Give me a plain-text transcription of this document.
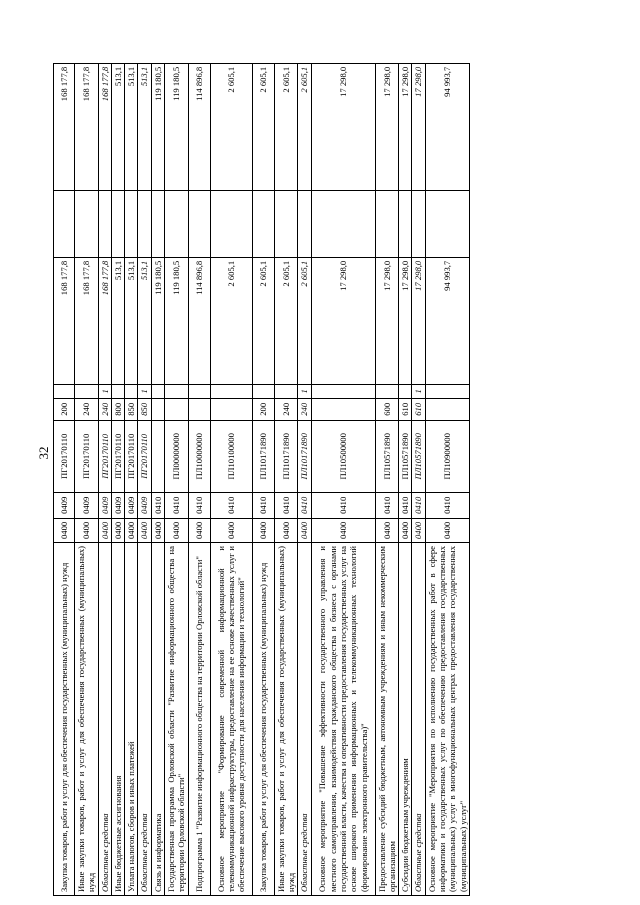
32
Закупка товаров, работ и услуг для обеспечения государственных (муниципальных) нужд	0400	0409	ПГ20170110	200		168 177,8		168 177,8
Иные закупки товаров, работ и услуг для обеспечения государственных (муниципальных) нужд	0400	0409	ПГ20170110	240		168 177,8		168 177,8
Областные средства	0400	0409	ПГ20170110	240	1	168 177,8		168 177,8
Иные бюджетные ассигнования	0400	0409	ПГ20170110	800		513,1		513,1
Уплата налогов, сборов и иных платежей	0400	0409	ПГ20170110	850		513,1		513,1
Областные средства	0400	0409	ПГ20170110	850	1	513,1		513,1
Связь и информатика	0400	0410				119 180,5		119 180,5
Государственная программа Орловской области "Развитие информационного общества на территории Орловской области"	0400	0410	ПЛ00000000			119 180,5		119 180,5
Подпрограмма 1 "Развитие информационного общества на территории Орловской области"	0400	0410	ПЛ10000000			114 896,8		114 896,8
Основное мероприятие "Формирование современной информационной и телекоммуникационной инфраструктуры, предоставление на ее основе качественных услуг и обеспечение высокого уровня доступности для населения информации и технологий"	0400	0410	ПЛ10100000			2 605,1		2 605,1
Закупка товаров, работ и услуг для обеспечения государственных (муниципальных) нужд	0400	0410	ПЛ10171890	200		2 605,1		2 605,1
Иные закупки товаров, работ и услуг для обеспечения государственных (муниципальных) нужд	0400	0410	ПЛ10171890	240		2 605,1		2 605,1
Областные средства	0400	0410	ПЛ10171890	240	1	2 605,1		2 605,1
Основное мероприятие "Повышение эффективности государственного управления и местного самоуправления, взаимодействия гражданского общества и бизнеса с органами государственной власти, качества и оперативности предоставления государственных услуг на основе широкого применения информационных и телекоммуникационных технологий (формирование электронного правительства)"	0400	0410	ПЛ10500000			17 298,0		17 298,0
Предоставление субсидий бюджетным, автономным учреждениям и иным некоммерческим организациям	0400	0410	ПЛ10571890	600		17 298,0		17 298,0
Субсидии бюджетным учреждениям	0400	0410	ПЛ10571890	610		17 298,0		17 298,0
Областные средства	0400	0410	ПЛ10571890	610	1	17 298,0		17 298,0
Основное мероприятие "Мероприятия по исполнению государственных работ в сфере информатики и государственных услуг по обеспечению предоставления государственных (муниципальных) услуг в многофункциональных центрах предоставления государственных (муниципальных) услуг"	0400	0410	ПЛ10900000			94 993,7		94 993,7
